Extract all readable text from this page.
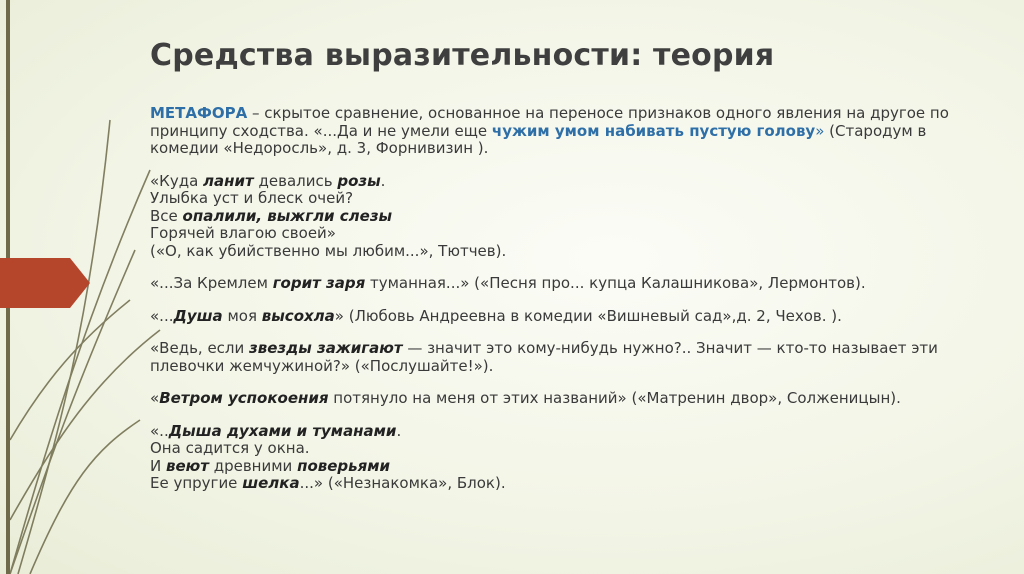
Средства выразительности: теория

МЕТАФОРА – скрытое сравнение, основанное на переносе признаков одного явления на другое по принципу сходства. «...Да и не умели еще чужим умом набивать пустую голову» (Стародум в комедии «Недоросль», д. 3, Форнивизин ).

«Куда ланит девались розы.
Улыбка уст и блеск очей?
Все опалили, выжгли слезы
Горячей влагою своей»
(«О, как убийственно мы любим...», Тютчев).

«...За Кремлем горит заря туманная...» («Песня про... купца Калашникова», Лермонтов).

«...Душа моя высохла» (Любовь Андреевна в комедии «Вишневый сад»,д. 2, Чехов. ).

«Ведь, если звезды зажигают — значит это кому-нибудь нужно?.. Значит — кто-то называет эти плевочки жемчужиной?» («Послушайте!»).

«Ветром успокоения потянуло на меня от этих названий» («Матренин двор», Солженицын).

«..Дыша духами и туманами.
Она садится у окна.
И веют древними поверьями
Ее упругие шелка...» («Незнакомка», Блок).
